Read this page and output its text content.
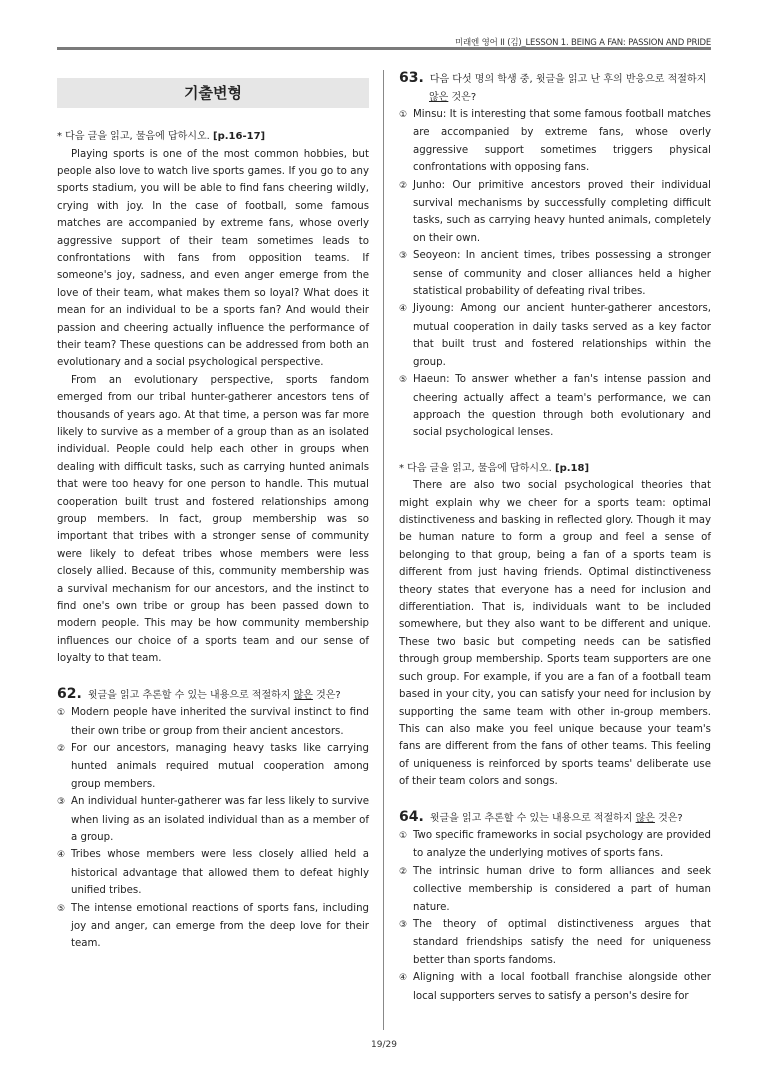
미래엔 영어 II (김)_LESSON 1. BEING A FAN: PASSION AND PRIDE
기출변형

* 다음 글을 읽고, 물음에 답하시오. [p.16-17]

Playing sports is one of the most common hobbies, but people also love to watch live sports games. If you go to any sports stadium, you will be able to find fans cheering wildly, crying with joy. In the case of football, some famous matches are accompanied by extreme fans, whose overly aggressive support of their team sometimes leads to confrontations with fans from opposition teams. If someone's joy, sadness, and even anger emerge from the love of their team, what makes them so loyal? What does it mean for an individual to be a sports fan? And would their passion and cheering actually influence the performance of their team? These questions can be addressed from both an evolutionary and a social psychological perspective.

From an evolutionary perspective, sports fandom emerged from our tribal hunter-gatherer ancestors tens of thousands of years ago. At that time, a person was far more likely to survive as a member of a group than as an isolated individual. People could help each other in groups when dealing with difficult tasks, such as carrying hunted animals that were too heavy for one person to handle. This mutual cooperation built trust and fostered relationships among group members. In fact, group membership was so important that tribes with a stronger sense of community were likely to defeat tribes whose members were less closely allied. Because of this, community membership was a survival mechanism for our ancestors, and the instinct to find one's own tribe or group has been passed down to modern people. This may be how community membership influences our choice of a sports team and our sense of loyalty to that team.

62. 윗글을 읽고 추론할 수 있는 내용으로 적절하지 않은 것은?

① Modern people have inherited the survival instinct to find their own tribe or group from their ancient ancestors.

② For our ancestors, managing heavy tasks like carrying hunted animals required mutual cooperation among group members.

③ An individual hunter-gatherer was far less likely to survive when living as an isolated individual than as a member of a group.

④ Tribes whose members were less closely allied held a historical advantage that allowed them to defeat highly unified tribes.

⑤ The intense emotional reactions of sports fans, including joy and anger, can emerge from the deep love for their team.

63. 다음 다섯 명의 학생 중, 윗글을 읽고 난 후의 반응으로 적절하지 않은 것은?

① Minsu: It is interesting that some famous football matches are accompanied by extreme fans, whose overly aggressive support sometimes triggers physical confrontations with opposing fans.

② Junho: Our primitive ancestors proved their individual survival mechanisms by successfully completing difficult tasks, such as carrying heavy hunted animals, completely on their own.

③ Seoyeon: In ancient times, tribes possessing a stronger sense of community and closer alliances held a higher statistical probability of defeating rival tribes.

④ Jiyoung: Among our ancient hunter-gatherer ancestors, mutual cooperation in daily tasks served as a key factor that built trust and fostered relationships within the group.

⑤ Haeun: To answer whether a fan's intense passion and cheering actually affect a team's performance, we can approach the question through both evolutionary and social psychological lenses.

* 다음 글을 읽고, 물음에 답하시오. [p.18]

There are also two social psychological theories that might explain why we cheer for a sports team: optimal distinctiveness and basking in reflected glory. Though it may be human nature to form a group and feel a sense of belonging to that group, being a fan of a sports team is different from just having friends. Optimal distinctiveness theory states that everyone has a need for inclusion and differentiation. That is, individuals want to be included somewhere, but they also want to be different and unique. These two basic but competing needs can be satisfied through group membership. Sports team supporters are one such group. For example, if you are a fan of a football team based in your city, you can satisfy your need for inclusion by supporting the same team with other in-group members. This can also make you feel unique because your team's fans are different from the fans of other teams. This feeling of uniqueness is reinforced by sports teams' deliberate use of their team colors and songs.

64. 윗글을 읽고 추론할 수 있는 내용으로 적절하지 않은 것은?

① Two specific frameworks in social psychology are provided to analyze the underlying motives of sports fans.

② The intrinsic human drive to form alliances and seek collective membership is considered a part of human nature.

③ The theory of optimal distinctiveness argues that standard friendships satisfy the need for uniqueness better than sports fandoms.

④ Aligning with a local football franchise alongside other local supporters serves to satisfy a person's desire for

19/29
